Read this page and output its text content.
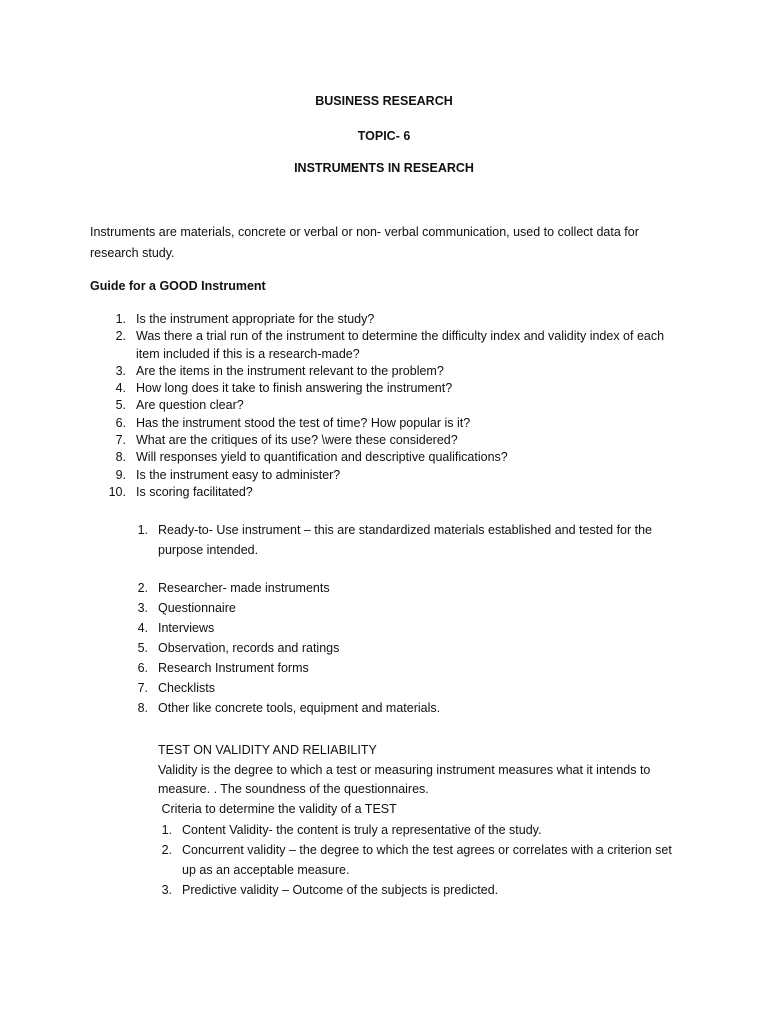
BUSINESS RESEARCH
TOPIC- 6
INSTRUMENTS IN RESEARCH
Instruments are materials, concrete or verbal or non- verbal communication, used to collect data for research study.
Guide for a GOOD Instrument
1. Is the instrument appropriate for the study?
2. Was there a trial run of the instrument to determine the difficulty index and validity index of each item included if this is a research-made?
3. Are the items in the instrument relevant to the problem?
4. How long does it take to finish answering the instrument?
5. Are question clear?
6. Has the instrument stood the test of time? How popular is it?
7. What are the critiques of its use? \were these considered?
8. Will responses yield to quantification and descriptive qualifications?
9. Is the instrument easy to administer?
10. Is scoring facilitated?
1. Ready-to- Use instrument – this are standardized materials established and tested for the purpose intended.
2. Researcher- made instruments
3. Questionnaire
4. Interviews
5. Observation, records and ratings
6. Research Instrument forms
7. Checklists
8. Other like concrete tools, equipment and materials.
TEST ON VALIDITY AND RELIABILITY
Validity is the degree to which a test or measuring instrument measures what it intends to measure. . The soundness of the questionnaires.
Criteria to determine the validity of a TEST
1. Content Validity- the content is truly a representative of the study.
2. Concurrent validity – the degree to which the test agrees or correlates with a criterion set up as an acceptable measure.
3. Predictive validity – Outcome of the subjects is predicted.
